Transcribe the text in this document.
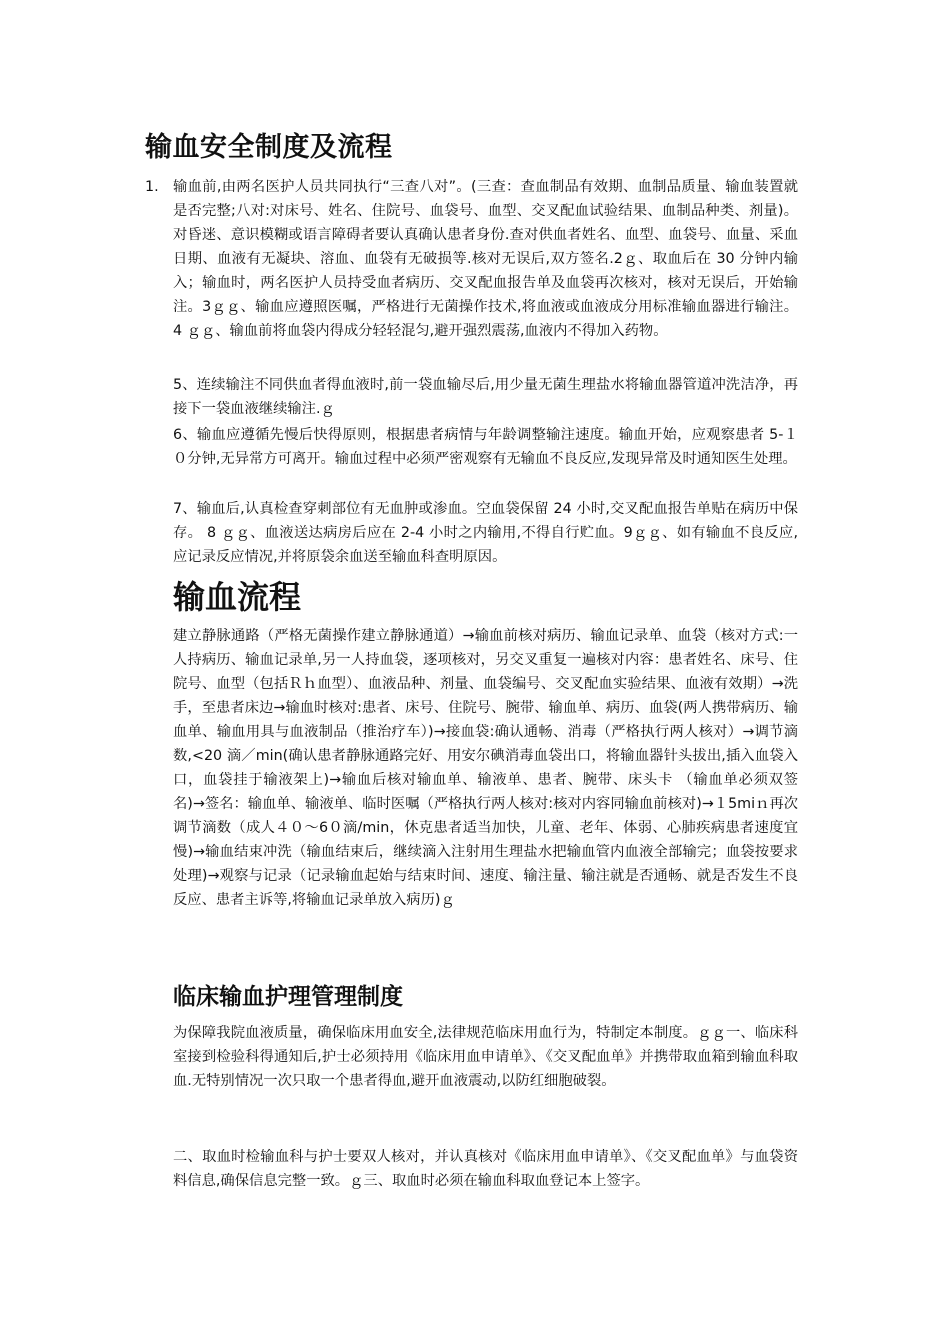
输血安全制度及流程
1. 输血前,由两名医护人员共同执行“三查八对”。(三查：查血制品有效期、血制品质量、输血装置就是否完整;八对:对床号、姓名、住院号、血袋号、血型、交叉配血试验结果、血制品种类、剂量)。对昏迷、意识模糊或语言障碍者要认真确认患者身份.查对供血者姓名、血型、血袋号、血量、采血日期、血液有无凝块、溶血、血袋有无破损等.核对无误后,双方签名.2ｇ、取血后在 30 分钟内输入；输血时，两名医护人员持受血者病历、交叉配血报告单及血袋再次核对，核对无误后，开始输注。3ｇｇ、输血应遵照医嘱，严格进行无菌操作技术,将血液或血液成分用标准输血器进行输注。 4 ｇｇ、输血前将血袋内得成分轻轻混匀,避开强烈震荡,血液内不得加入药物。

5、连续输注不同供血者得血液时,前一袋血输尽后,用少量无菌生理盐水将输血器管道冲洗洁净，再接下一袋血液继续输注.ｇ

6、输血应遵循先慢后快得原则，根据患者病情与年龄调整输注速度。输血开始，应观察患者 5-１０分钟,无异常方可离开。输血过程中必须严密观察有无输血不良反应,发现异常及时通知医生处理。

7、输血后,认真检查穿刺部位有无血肿或渗血。空血袋保留 24 小时,交叉配血报告单贴在病历中保存。 8 ｇｇ、血液送达病房后应在 2-4 小时之内输用,不得自行贮血。9ｇｇ、如有输血不良反应,应记录反应情况,并将原袋余血送至输血科查明原因。

输血流程

建立静脉通路（严格无菌操作建立静脉通道）→输血前核对病历、输血记录单、血袋（核对方式:一人持病历、输血记录单,另一人持血袋，逐项核对，另交叉重复一遍核对内容：患者姓名、床号、住院号、血型（包括Ｒｈ血型）、血液品种、剂量、血袋编号、交叉配血实验结果、血液有效期）→洗手，至患者床边→输血时核对:患者、床号、住院号、腕带、输血单、病历、血袋(两人携带病历、输血单、输血用具与血液制品（推治疗车）)→接血袋:确认通畅、消毒（严格执行两人核对）→调节滴数,<20 滴／min(确认患者静脉通路完好、用安尔碘消毒血袋出口，将输血器针头拔出,插入血袋入口，血袋挂于输液架上)→输血后核对输血单、输液单、患者、腕带、床头卡 （输血单必须双签名)→签名：输血单、输液单、临时医嘱（严格执行两人核对:核对内容同输血前核对)→１5miｎ再次调节滴数（成人４０～6０滴/min，休克患者适当加快，儿童、老年、体弱、心肺疾病患者速度宜慢)→输血结束冲洗（输血结束后，继续滴入注射用生理盐水把输血管内血液全部输完；血袋按要求处理)→观察与记录（记录输血起始与结束时间、速度、输注量、输注就是否通畅、就是否发生不良反应、患者主诉等,将输血记录单放入病历)ｇ

临床输血护理管理制度

为保障我院血液质量，确保临床用血安全,法律规范临床用血行为，特制定本制度。ｇｇ一、临床科室接到检验科得通知后,护士必须持用《临床用血申请单》、《交叉配血单》并携带取血箱到输血科取血.无特别情况一次只取一个患者得血,避开血液震动,以防红细胞破裂。

二、取血时检输血科与护士要双人核对，并认真核对《临床用血申请单》、《交叉配血单》与血袋资料信息,确保信息完整一致。ｇ三、取血时必须在输血科取血登记本上签字。
